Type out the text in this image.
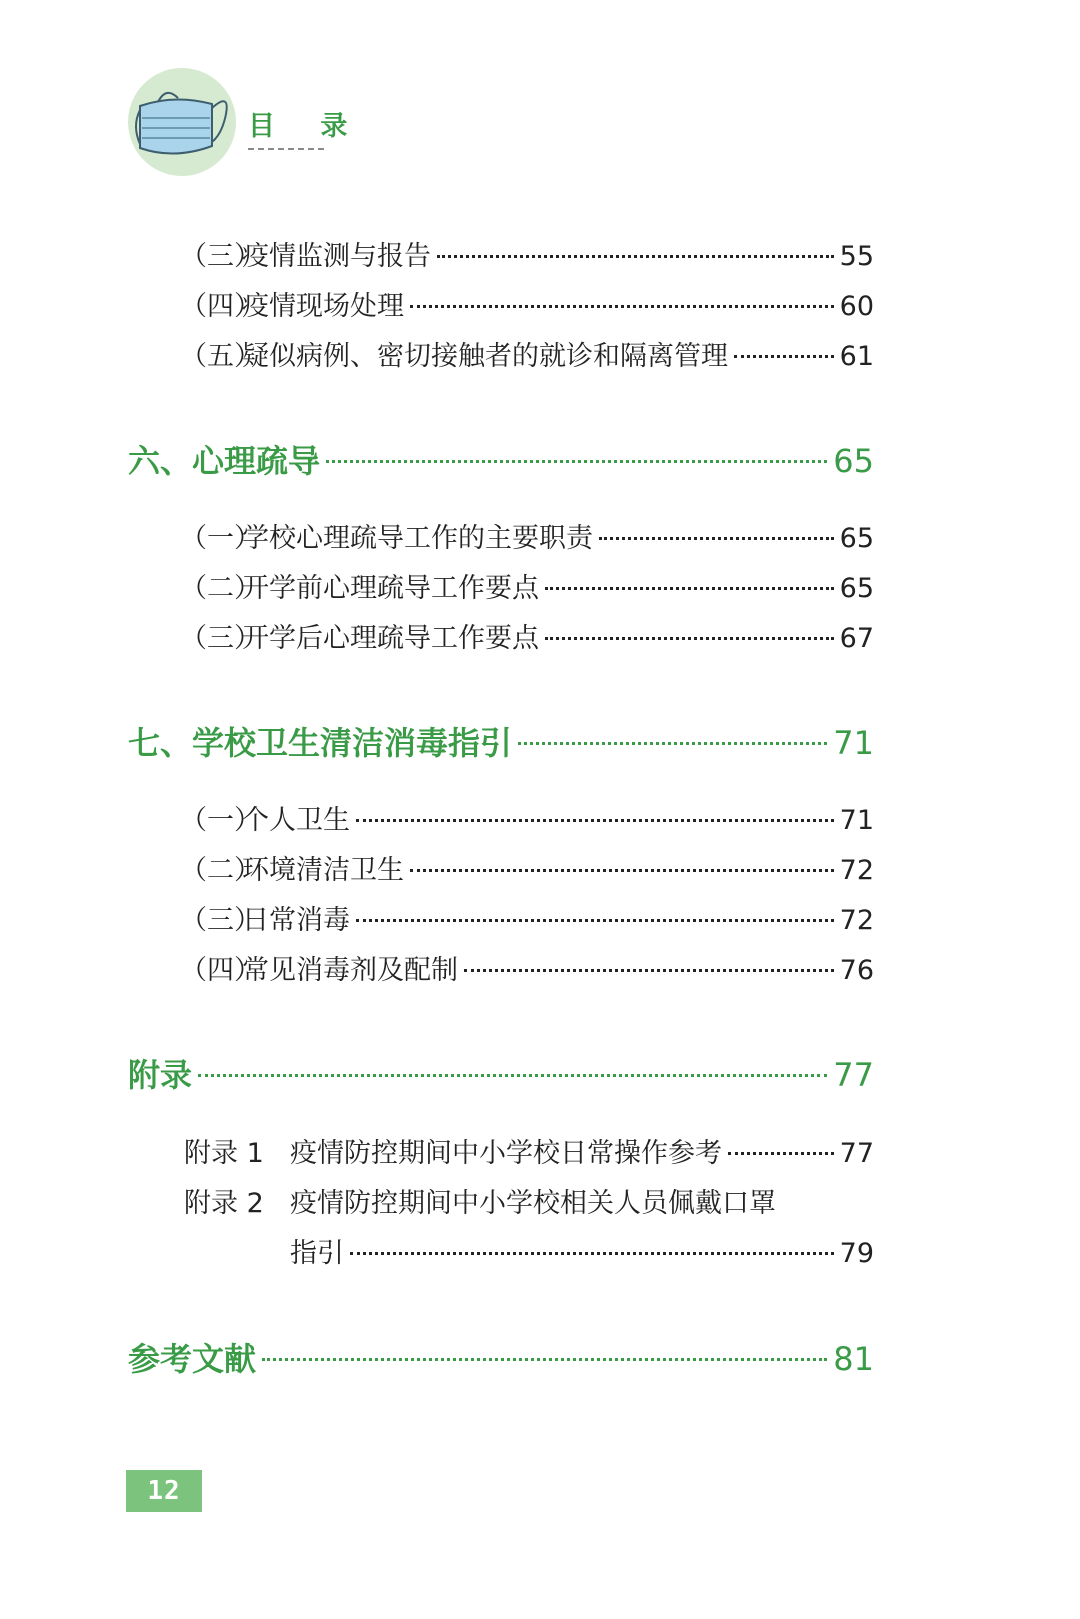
目 录
（三）
疫情监测与报告	55
（四）
疫情现场处理	60
（五）
疑似病例、密切接触者的就诊和隔离管理	61
六、心理疏导	65
（一）
学校心理疏导工作的主要职责	65
（二）
开学前心理疏导工作要点	65
（三）
开学后心理疏导工作要点	67
七、学校卫生清洁消毒指引	71
（一）
个人卫生	71
（二）
环境清洁卫生	72
（三）
日常消毒	72
（四）
常见消毒剂及配制	76
附录	77
附录 1 疫情防控期间中小学校日常操作参考	77
附录 2 疫情防控期间中小学校相关人员佩戴口罩
指引	79
参考文献	81
12
